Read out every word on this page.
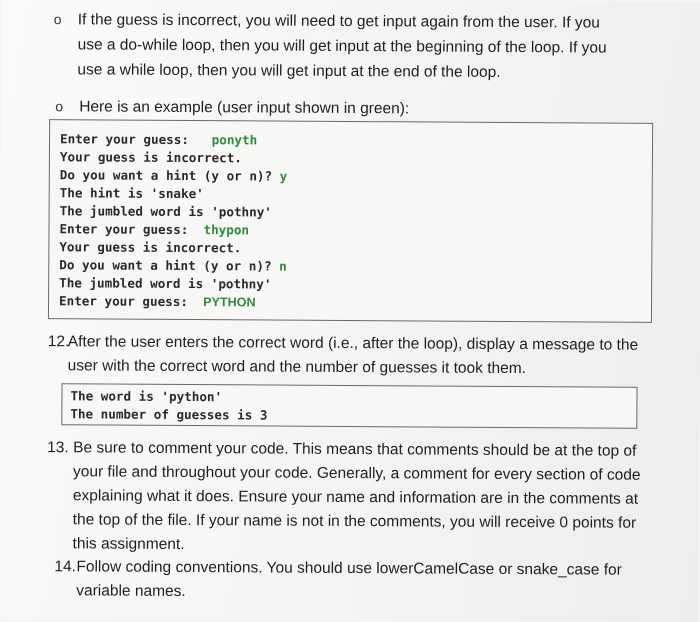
o If the guess is incorrect, you will need to get input again from the user. If you
use a do-while loop, then you will get input at the beginning of the loop. If you
use a while loop, then you will get input at the end of the loop.
o Here is an example (user input shown in green):
Enter your guess:   ponyth
Your guess is incorrect.
Do you want a hint (y or n)? y
The hint is 'snake'
The jumbled word is 'pothny'
Enter your guess:  thypon
Your guess is incorrect.
Do you want a hint (y or n)? n
The jumbled word is 'pothny'
Enter your guess:  PYTHON
12.
After the user enters the correct word (i.e., after the loop), display a message to the
user with the correct word and the number of guesses it took them.
The word is 'python'
The number of guesses is 3
13. Be sure to comment your code. This means that comments should be at the top of
your file and throughout your code. Generally, a comment for every section of code
explaining what it does. Ensure your name and information are in the comments at
the top of the file. If your name is not in the comments, you will receive 0 points for
this assignment.
14. Follow coding conventions. You should use lowerCamelCase or snake_case for
variable names.
